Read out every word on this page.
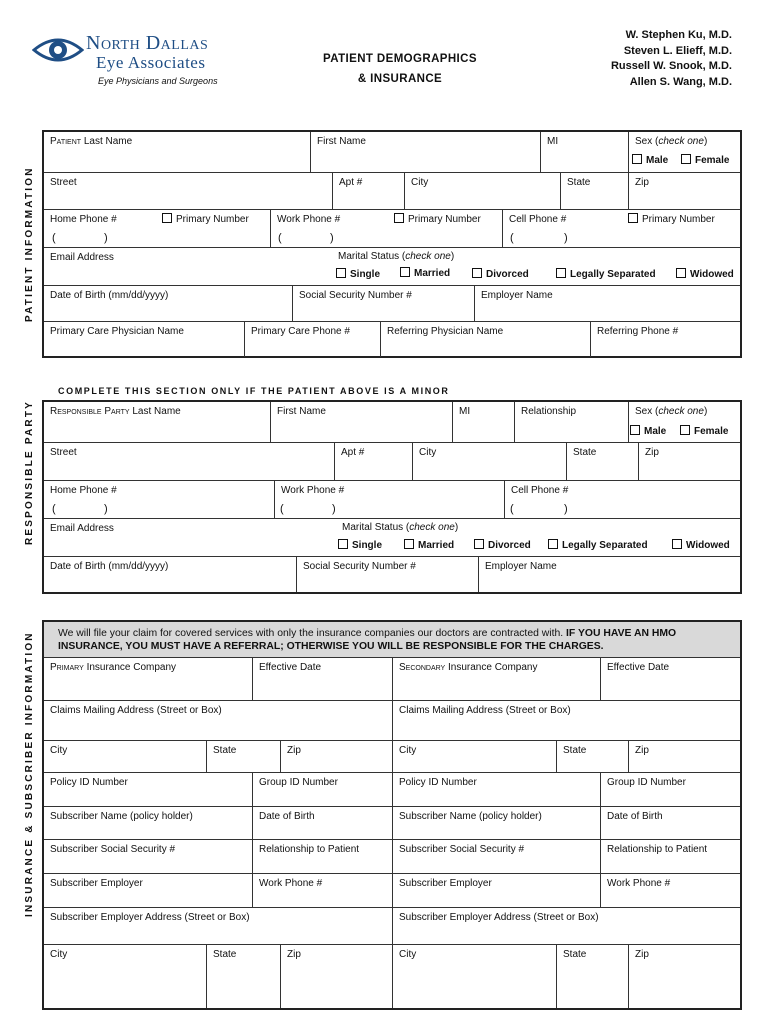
North Dallas
Eye Associates
Eye Physicians and Surgeons
PATIENT DEMOGRAPHICS
& INSURANCE
W. Stephen Ku, M.D.
Steven L. Elieff, M.D.
Russell W. Snook, M.D.
Allen S. Wang, M.D.
PATIENT INFORMATION
RESPONSIBLE PARTY
INSURANCE & SUBSCRIBER INFORMATION
Patient Last Name	First Name	MI	Sex (check one)
Male	Female
Street	Apt #	City	State	Zip
Home Phone #	Work Phone #	Cell Phone #
Primary Number	Primary Number	Primary Number
(	)	(	)	(	)
Email Address	Marital Status (check one)
Single	Married	Divorced	Legally Separated	Widowed
Date of Birth (mm/dd/yyyy)	Social Security Number #	Employer Name
Primary Care Physician Name	Primary Care Phone #	Referring Physician Name	Referring Phone #
COMPLETE THIS SECTION ONLY IF THE PATIENT ABOVE IS A MINOR
Responsible Party Last Name	First Name	MI	Relationship	Sex (check one)
Male	Female
Street	Apt #	City	State	Zip
Home Phone #	Work Phone #	Cell Phone #
(	)	(	)	(	)
Email Address	Marital Status (check one)
Single	Married	Divorced	Legally Separated	Widowed
Date of Birth (mm/dd/yyyy)	Social Security Number #	Employer Name
We will file your claim for covered services with only the insurance companies our doctors are contracted with. IF YOU HAVE AN HMO INSURANCE, YOU MUST HAVE A REFERRAL; OTHERWISE YOU WILL BE RESPONSIBLE FOR THE CHARGES.
Primary Insurance Company	Effective Date	Secondary Insurance Company	Effective Date
Claims Mailing Address (Street or Box)	Claims Mailing Address (Street or Box)
City	State	Zip	City	State	Zip
Policy ID Number	Group ID Number	Policy ID Number	Group ID Number
Subscriber Name (policy holder)	Date of Birth	Subscriber Name (policy holder)	Date of Birth
Subscriber Social Security #	Relationship to Patient	Subscriber Social Security #	Relationship to Patient
Subscriber Employer	Work Phone #	Subscriber Employer	Work Phone #
Subscriber Employer Address (Street or Box)	Subscriber Employer Address (Street or Box)
City	State	Zip	City	State	Zip
